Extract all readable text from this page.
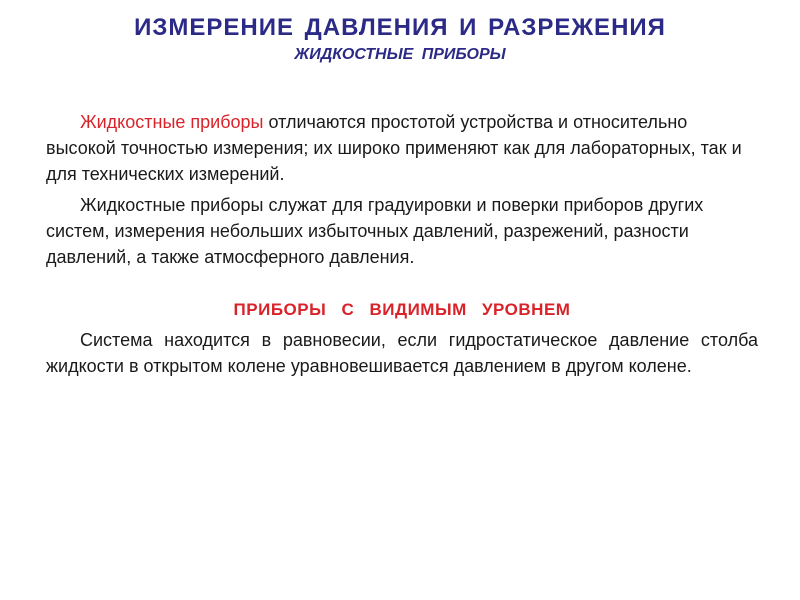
ИЗМЕРЕНИЕ ДАВЛЕНИЯ И РАЗРЕЖЕНИЯ
ЖИДКОСТНЫЕ ПРИБОРЫ

Жидкостные приборы отличаются простотой устройства и относительно высокой точностью измерения; их широко применяют как для лабораторных, так и для технических измерений.

Жидкостные приборы служат для градуировки и поверки приборов других систем, измерения небольших избыточных давлений, разрежений, разности давлений, а также атмосферного давления.

ПРИБОРЫ С ВИДИМЫМ УРОВНЕМ

Система находится в равновесии, если гидростатическое давление столба жидкости в открытом колене уравновешивается давлением в другом колене.
